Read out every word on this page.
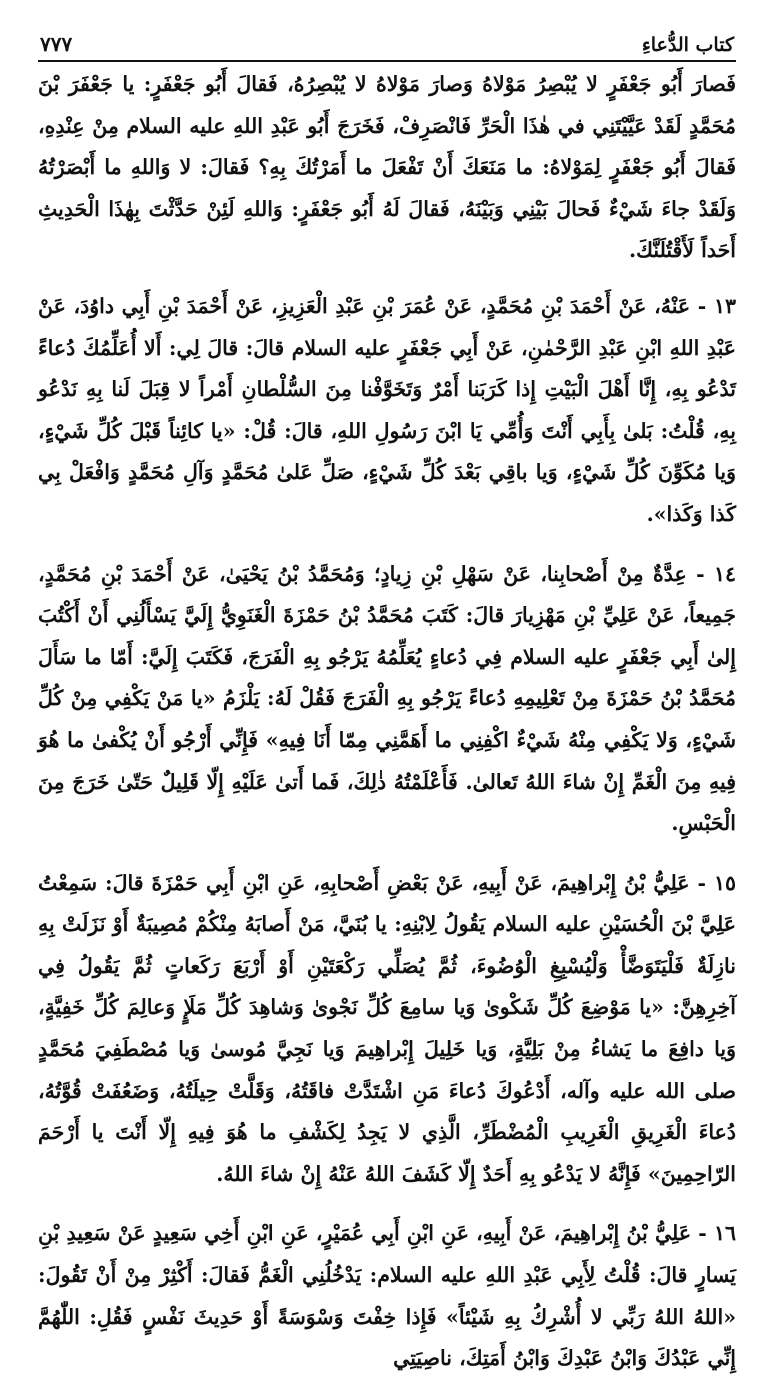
كتاب الدُّعاءِ
٧٧٧

فَصارَ أَبُو جَعْفَرٍ لا يُبْصِرُ مَوْلاهُ وَصارَ مَوْلاهُ لا يُبْصِرُهُ، فَقالَ أَبُو جَعْفَرٍ: يا جَعْفَرَ بْنَ مُحَمَّدٍ لَقَدْ عَيَّيْتَنِي في هٰذَا الْحَرِّ فَانْصَرِفْ، فَخَرَجَ أَبُو عَبْدِ اللهِ عليه السلام مِنْ عِنْدِهِ، فَقالَ أَبُو جَعْفَرٍ لِمَوْلاهُ: ما مَنَعَكَ أَنْ تَفْعَلَ ما أَمَرْتُكَ بِهِ؟ فَقالَ: لا وَاللهِ ما أَبْصَرْتُهُ وَلَقَدْ جاءَ شَيْءٌ فَحالَ بَيْنِي وَبَيْنَهُ، فَقالَ لَهُ أَبُو جَعْفَرٍ: وَاللهِ لَئِنْ حَدَّثْتَ بِهٰذَا الْحَدِيثِ أَحَداً لَأَقْتُلَنَّكَ.

١٣ - عَنْهُ، عَنْ أَحْمَدَ بْنِ مُحَمَّدٍ، عَنْ عُمَرَ بْنِ عَبْدِ الْعَزِيزِ، عَنْ أَحْمَدَ بْنِ أَبِي داوُدَ، عَنْ عَبْدِ اللهِ ابْنِ عَبْدِ الرَّحْمٰنِ، عَنْ أَبِي جَعْفَرٍ عليه السلام قالَ: قالَ لِي: أَلا أُعَلِّمُكَ دُعاءً تَدْعُو بِهِ، إِنَّا أَهْلَ الْبَيْتِ إِذا كَرَبَنا أَمْرٌ وَتَخَوَّفْنا مِنَ السُّلْطانِ أَمْراً لا قِبَلَ لَنا بِهِ نَدْعُو بِهِ، قُلْتُ: بَلىٰ بِأَبِي أَنْتَ وَأُمِّي يَا ابْنَ رَسُولِ اللهِ، قالَ: قُلْ: «يا كائِناً قَبْلَ كُلِّ شَيْءٍ، وَيا مُكَوِّنَ كُلِّ شَيْءٍ، وَيا باقِي بَعْدَ كُلِّ شَيْءٍ، صَلِّ عَلىٰ مُحَمَّدٍ وَآلِ مُحَمَّدٍ وَافْعَلْ بِي كَذا وَكَذا».

١٤ - عِدَّةٌ مِنْ أَصْحابِنا، عَنْ سَهْلِ بْنِ زِيادٍ؛ وَمُحَمَّدُ بْنُ يَحْيَىٰ، عَنْ أَحْمَدَ بْنِ مُحَمَّدٍ، جَمِيعاً، عَنْ عَلِيِّ بْنِ مَهْزِيارَ قالَ: كَتَبَ مُحَمَّدُ بْنُ حَمْزَةَ الْغَنَوِيُّ إِلَيَّ يَسْأَلُنِي أَنْ أَكْتُبَ إِلىٰ أَبِي جَعْفَرٍ عليه السلام فِي دُعاءٍ يُعَلِّمُهُ يَرْجُو بِهِ الْفَرَجَ، فَكَتَبَ إِلَيَّ: أَمّا ما سَأَلَ مُحَمَّدُ بْنُ حَمْزَةَ مِنْ تَعْلِيمِهِ دُعاءً يَرْجُو بِهِ الْفَرَجَ فَقُلْ لَهُ: يَلْزَمُ «يا مَنْ يَكْفِي مِنْ كُلِّ شَيْءٍ، وَلا يَكْفِي مِنْهُ شَيْءٌ اكْفِنِي ما أَهَمَّنِي مِمّا أَنَا فِيهِ» فَإِنِّي أَرْجُو أَنْ يُكْفىٰ ما هُوَ فِيهِ مِنَ الْغَمِّ إِنْ شاءَ اللهُ تَعالىٰ. فَأَعْلَمْتُهُ ذٰلِكَ، فَما أَتىٰ عَلَيْهِ إِلّا قَلِيلٌ حَتّىٰ خَرَجَ مِنَ الْحَبْسِ.

١٥ - عَلِيُّ بْنُ إِبْراهِيمَ، عَنْ أَبِيهِ، عَنْ بَعْضِ أَصْحابِهِ، عَنِ ابْنِ أَبِي حَمْزَةَ قالَ: سَمِعْتُ عَلِيَّ بْنَ الْحُسَيْنِ عليه السلام يَقُولُ لِابْنِهِ: يا بُنَيَّ، مَنْ أَصابَهُ مِنْكُمْ مُصِيبَةٌ أَوْ نَزَلَتْ بِهِ نازِلَةٌ فَلْيَتَوَضَّأْ وَلْيُسْبِغِ الْوُضُوءَ، ثُمَّ يُصَلِّي رَكْعَتَيْنِ أَوْ أَرْبَعَ رَكَعاتٍ ثُمَّ يَقُولُ فِي آخِرِهِنَّ: «يا مَوْضِعَ كُلِّ شَكْوىٰ وَيا سامِعَ كُلِّ نَجْوىٰ وَشاهِدَ كُلِّ مَلَإٍ وَعالِمَ كُلِّ خَفِيَّةٍ، وَيا دافِعَ ما يَشاءُ مِنْ بَلِيَّةٍ، وَيا خَلِيلَ إِبْراهِيمَ وَيا نَجِيَّ مُوسىٰ وَيا مُصْطَفِيَ مُحَمَّدٍ صلى الله عليه وآله، أَدْعُوكَ دُعاءَ مَنِ اشْتَدَّتْ فاقَتُهُ، وَقَلَّتْ حِيلَتُهُ، وَضَعُفَتْ قُوَّتُهُ، دُعاءَ الْغَرِيقِ الْغَرِيبِ الْمُضْطَرِّ، الَّذِي لا يَجِدُ لِكَشْفِ ما هُوَ فِيهِ إِلّا أَنْتَ يا أَرْحَمَ الرّاحِمِينَ» فَإِنَّهُ لا يَدْعُو بِهِ أَحَدٌ إِلّا كَشَفَ اللهُ عَنْهُ إِنْ شاءَ اللهُ.

١٦ - عَلِيُّ بْنُ إِبْراهِيمَ، عَنْ أَبِيهِ، عَنِ ابْنِ أَبِي عُمَيْرٍ، عَنِ ابْنِ أَخِي سَعِيدٍ عَنْ سَعِيدِ بْنِ يَسارٍ قالَ: قُلْتُ لِأَبِي عَبْدِ اللهِ عليه السلام: يَدْخُلُنِي الْغَمُّ فَقالَ: أَكْثِرْ مِنْ أَنْ تَقُولَ: «اللهُ اللهُ رَبِّي لا أُشْرِكُ بِهِ شَيْئاً» فَإِذا خِفْتَ وَسْوَسَةً أَوْ حَدِيثَ نَفْسٍ فَقُلِ: اللّٰهُمَّ إِنِّي عَبْدُكَ وَابْنُ عَبْدِكَ وَابْنُ أَمَتِكَ، ناصِيَتِي
